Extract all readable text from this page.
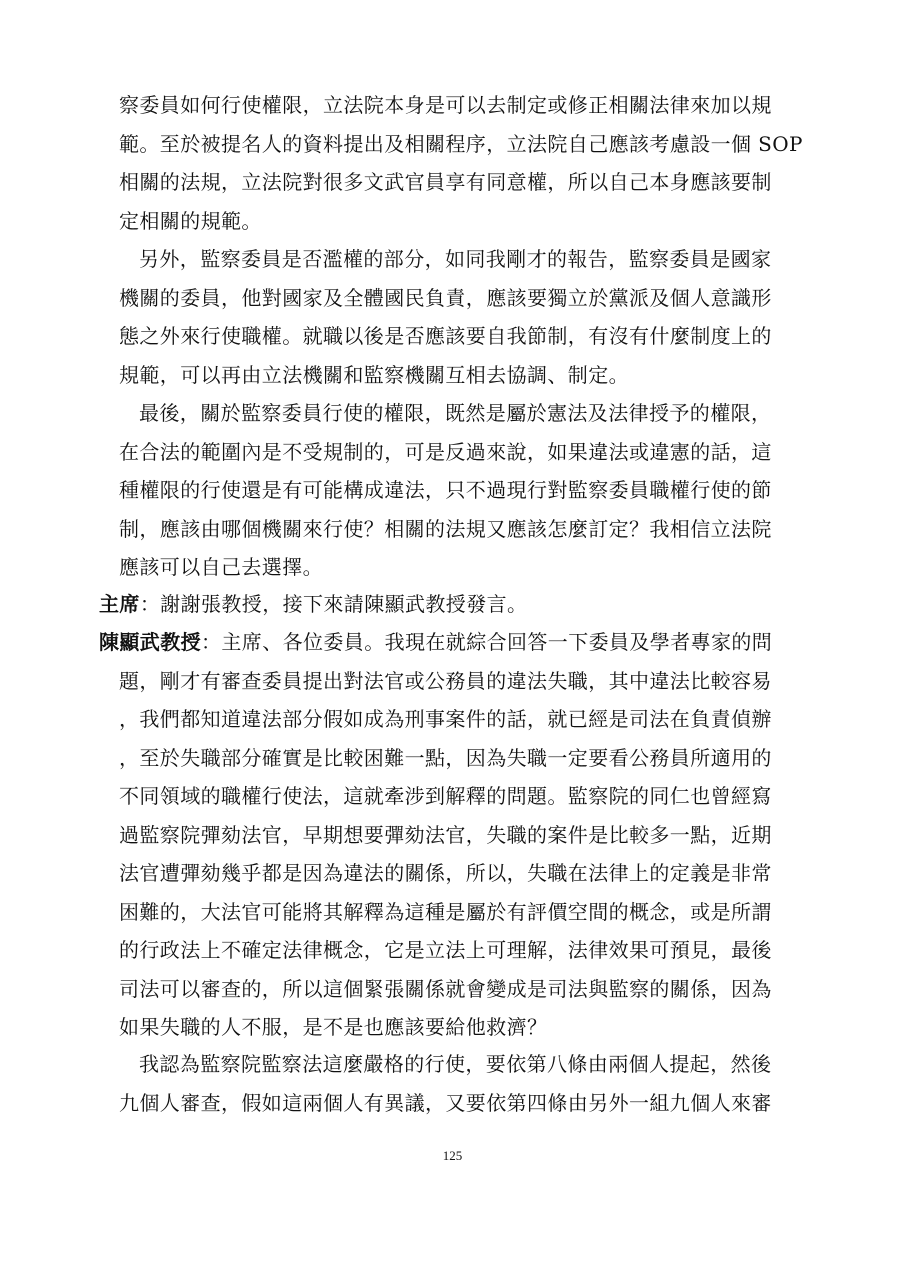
察委員如何行使權限，立法院本身是可以去制定或修正相關法律來加以規
範。至於被提名人的資料提出及相關程序，立法院自己應該考慮設一個 SOP
相關的法規，立法院對很多文武官員享有同意權，所以自己本身應該要制
定相關的規範。
另外，監察委員是否濫權的部分，如同我剛才的報告，監察委員是國家
機關的委員，他對國家及全體國民負責，應該要獨立於黨派及個人意識形
態之外來行使職權。就職以後是否應該要自我節制，有沒有什麼制度上的
規範，可以再由立法機關和監察機關互相去協調、制定。
最後，關於監察委員行使的權限，既然是屬於憲法及法律授予的權限，
在合法的範圍內是不受規制的，可是反過來說，如果違法或違憲的話，這
種權限的行使還是有可能構成違法，只不過現行對監察委員職權行使的節
制，應該由哪個機關來行使？相關的法規又應該怎麼訂定？我相信立法院
應該可以自己去選擇。
主席：謝謝張教授，接下來請陳顯武教授發言。
陳顯武教授：主席、各位委員。我現在就綜合回答一下委員及學者專家的問
題，剛才有審查委員提出對法官或公務員的違法失職，其中違法比較容易
，我們都知道違法部分假如成為刑事案件的話，就已經是司法在負責偵辦
，至於失職部分確實是比較困難一點，因為失職一定要看公務員所適用的
不同領域的職權行使法，這就牽涉到解釋的問題。監察院的同仁也曾經寫
過監察院彈劾法官，早期想要彈劾法官，失職的案件是比較多一點，近期
法官遭彈劾幾乎都是因為違法的關係，所以，失職在法律上的定義是非常
困難的，大法官可能將其解釋為這種是屬於有評價空間的概念，或是所謂
的行政法上不確定法律概念，它是立法上可理解，法律效果可預見，最後
司法可以審查的，所以這個緊張關係就會變成是司法與監察的關係，因為
如果失職的人不服，是不是也應該要給他救濟？
我認為監察院監察法這麼嚴格的行使，要依第八條由兩個人提起，然後
九個人審查，假如這兩個人有異議，又要依第四條由另外一組九個人來審
125
